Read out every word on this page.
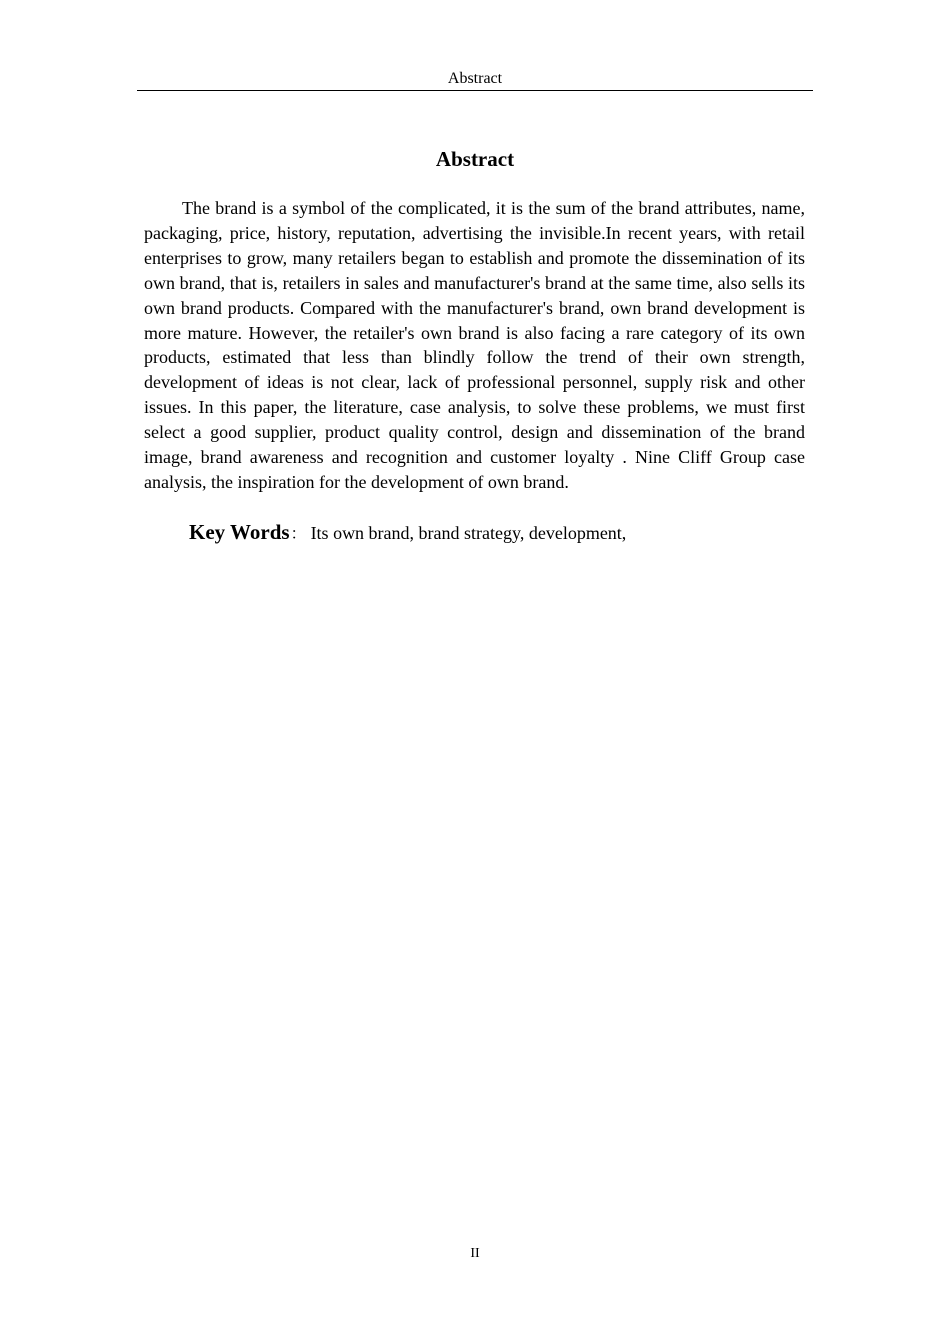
Abstract
Abstract

The brand is a symbol of the complicated, it is the sum of the brand attributes, name, packaging, price, history, reputation, advertising the invisible.In recent years, with retail enterprises to grow, many retailers began to establish and promote the dissemination of its own brand, that is, retailers in sales and manufacturer's brand at the same time, also sells its own brand products. Compared with the manufacturer's brand, own brand development is more mature. However, the retailer's own brand is also facing a rare category of its own products, estimated that less than blindly follow the trend of their own strength, development of ideas is not clear, lack of professional personnel, supply risk and other issues. In this paper, the literature, case analysis, to solve these problems, we must first select a good supplier, product quality control, design and dissemination of the brand image, brand awareness and recognition and customer loyalty . Nine Cliff Group case analysis, the inspiration for the development of own brand.

Key Words： Its own brand, brand strategy, development,

II
